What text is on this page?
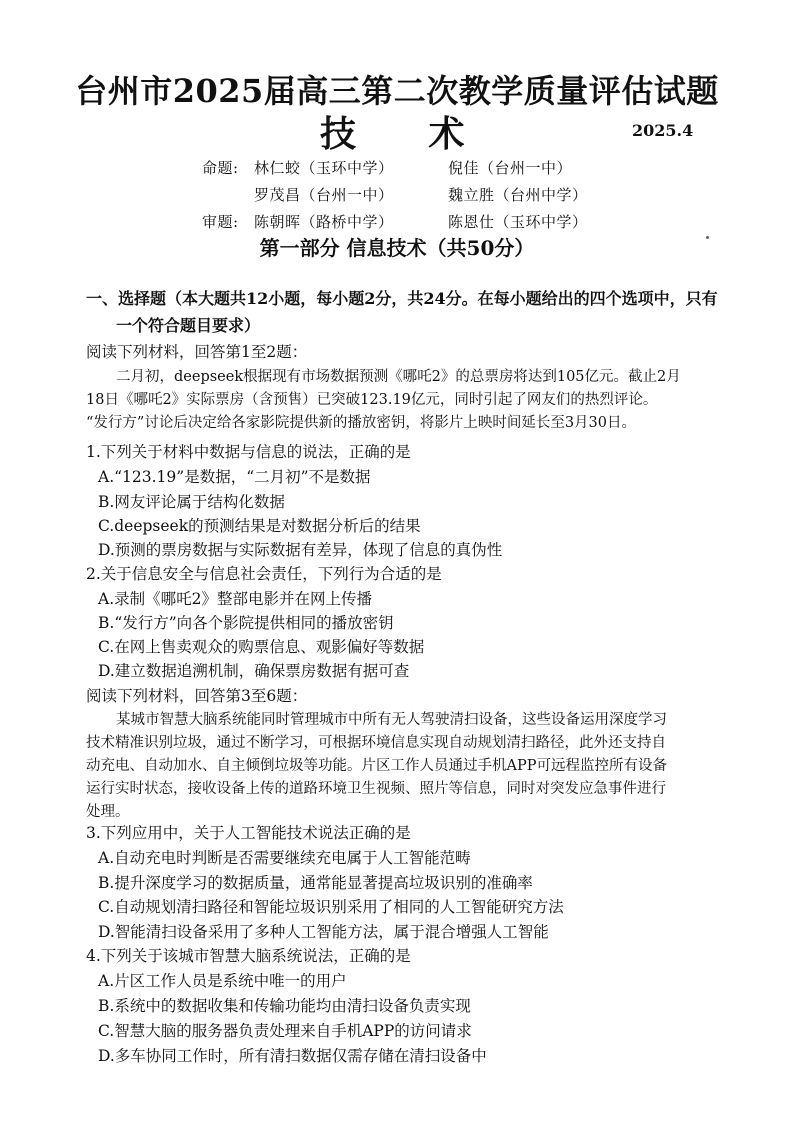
台州市2025届高三第二次教学质量评估试题
技 术	2025.4
命题: 林仁蛟（玉环中学）	倪佳（台州一中）
罗茂昌（台州一中）	魏立胜（台州中学）
审题: 陈朝晖（路桥中学）	陈恩仕（玉环中学）
第一部分 信息技术（共50分）
一、选择题（本大题共12小题，每小题2分，共24分。在每小题给出的四个选项中，只有
一个符合题目要求）
阅读下列材料，回答第1至2题：
二月初，deepseek根据现有市场数据预测《哪吒2》的总票房将达到105亿元。截止2月
18日《哪吒2》实际票房（含预售）已突破123.19亿元，同时引起了网友们的热烈评论。
“发行方”讨论后决定给各家影院提供新的播放密钥，将影片上映时间延长至3月30日。
1.下列关于材料中数据与信息的说法，正确的是
A.“123.19”是数据，“二月初”不是数据
B.网友评论属于结构化数据
C.deepseek的预测结果是对数据分析后的结果
D.预测的票房数据与实际数据有差异，体现了信息的真伪性
2.关于信息安全与信息社会责任，下列行为合适的是
A.录制《哪吒2》整部电影并在网上传播
B.“发行方”向各个影院提供相同的播放密钥
C.在网上售卖观众的购票信息、观影偏好等数据
D.建立数据追溯机制，确保票房数据有据可查
阅读下列材料，回答第3至6题：
某城市智慧大脑系统能同时管理城市中所有无人驾驶清扫设备，这些设备运用深度学习
技术精准识别垃圾，通过不断学习，可根据环境信息实现自动规划清扫路径，此外还支持自
动充电、自动加水、自主倾倒垃圾等功能。片区工作人员通过手机APP可远程监控所有设备
运行实时状态，接收设备上传的道路环境卫生视频、照片等信息，同时对突发应急事件进行
处理。
3.下列应用中，关于人工智能技术说法正确的是
A.自动充电时判断是否需要继续充电属于人工智能范畴
B.提升深度学习的数据质量，通常能显著提高垃圾识别的准确率
C.自动规划清扫路径和智能垃圾识别采用了相同的人工智能研究方法
D.智能清扫设备采用了多种人工智能方法，属于混合增强人工智能
4.下列关于该城市智慧大脑系统说法，正确的是
A.片区工作人员是系统中唯一的用户
B.系统中的数据收集和传输功能均由清扫设备负责实现
C.智慧大脑的服务器负责处理来自手机APP的访问请求
D.多车协同工作时，所有清扫数据仅需存储在清扫设备中
